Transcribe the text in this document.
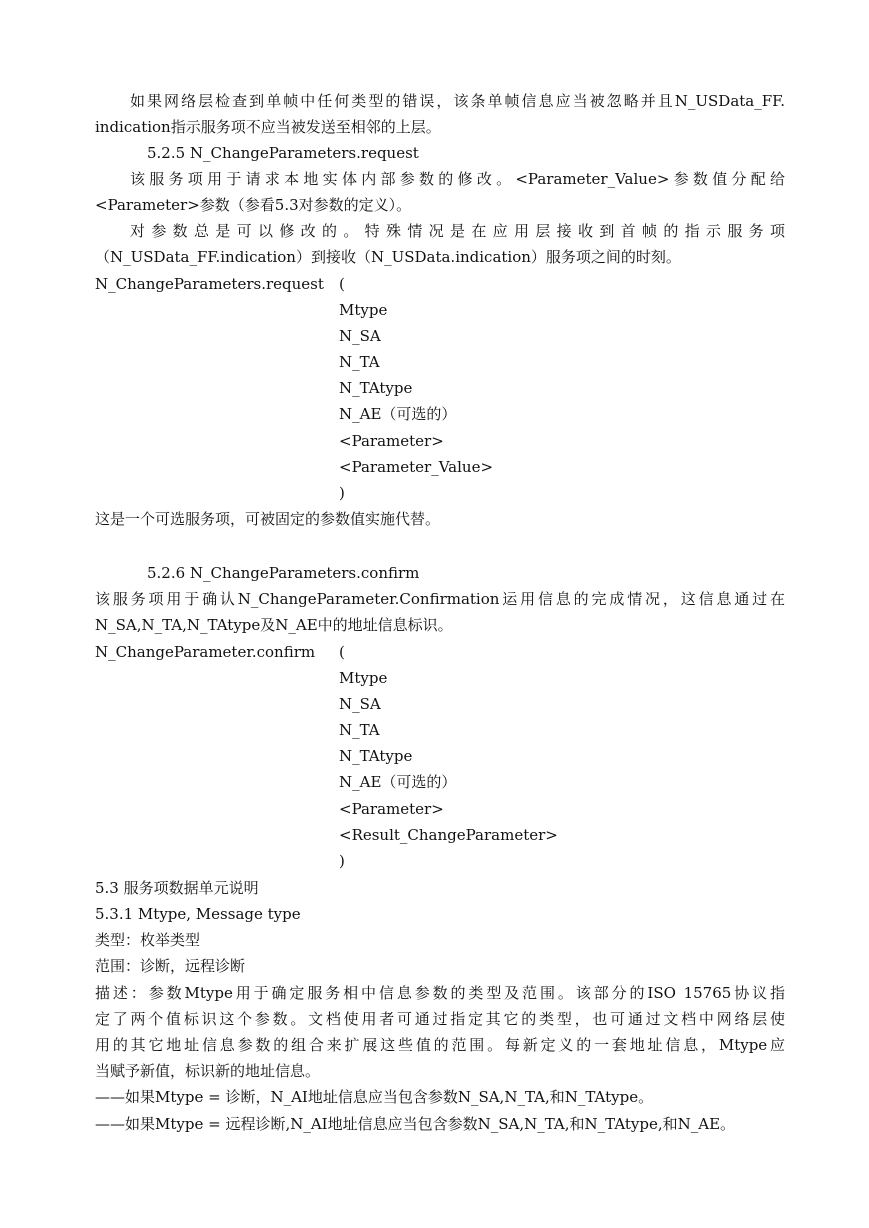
如果网络层检查到单帧中任何类型的错误，该条单帧信息应当被忽略并且N_USData_FF.
indication指示服务项不应当被发送至相邻的上层。
5.2.5 N_ChangeParameters.request
该服务项用于请求本地实体内部参数的修改。<Parameter_Value>参数值分配给
<Parameter>参数（参看5.3对参数的定义）。
对参数总是可以修改的。特殊情况是在应用层接收到首帧的指示服务项
（N_USData_FF.indication）到接收（N_USData.indication）服务项之间的时刻。
N_ChangeParameters.request	(
Mtype
N_SA
N_TA
N_TAtype
N_AE（可选的）
<Parameter>
<Parameter_Value>
)
这是一个可选服务项，可被固定的参数值实施代替。
5.2.6 N_ChangeParameters.confirm
该服务项用于确认N_ChangeParameter.Confirmation运用信息的完成情况，这信息通过在
N_SA,N_TA,N_TAtype及N_AE中的地址信息标识。
N_ChangeParameter.confirm	(
Mtype
N_SA
N_TA
N_TAtype
N_AE（可选的）
<Parameter>
<Result_ChangeParameter>
)
5.3 服务项数据单元说明
5.3.1 Mtype, Message type
类型：枚举类型
范围：诊断，远程诊断
描述：参数Mtype用于确定服务相中信息参数的类型及范围。该部分的ISO 15765协议指
定了两个值标识这个参数。文档使用者可通过指定其它的类型，也可通过文档中网络层使
用的其它地址信息参数的组合来扩展这些值的范围。每新定义的一套地址信息，Mtype应
当赋予新值，标识新的地址信息。
——如果Mtype = 诊断，N_AI地址信息应当包含参数N_SA,N_TA,和N_TAtype。
——如果Mtype = 远程诊断,N_AI地址信息应当包含参数N_SA,N_TA,和N_TAtype,和N_AE。
